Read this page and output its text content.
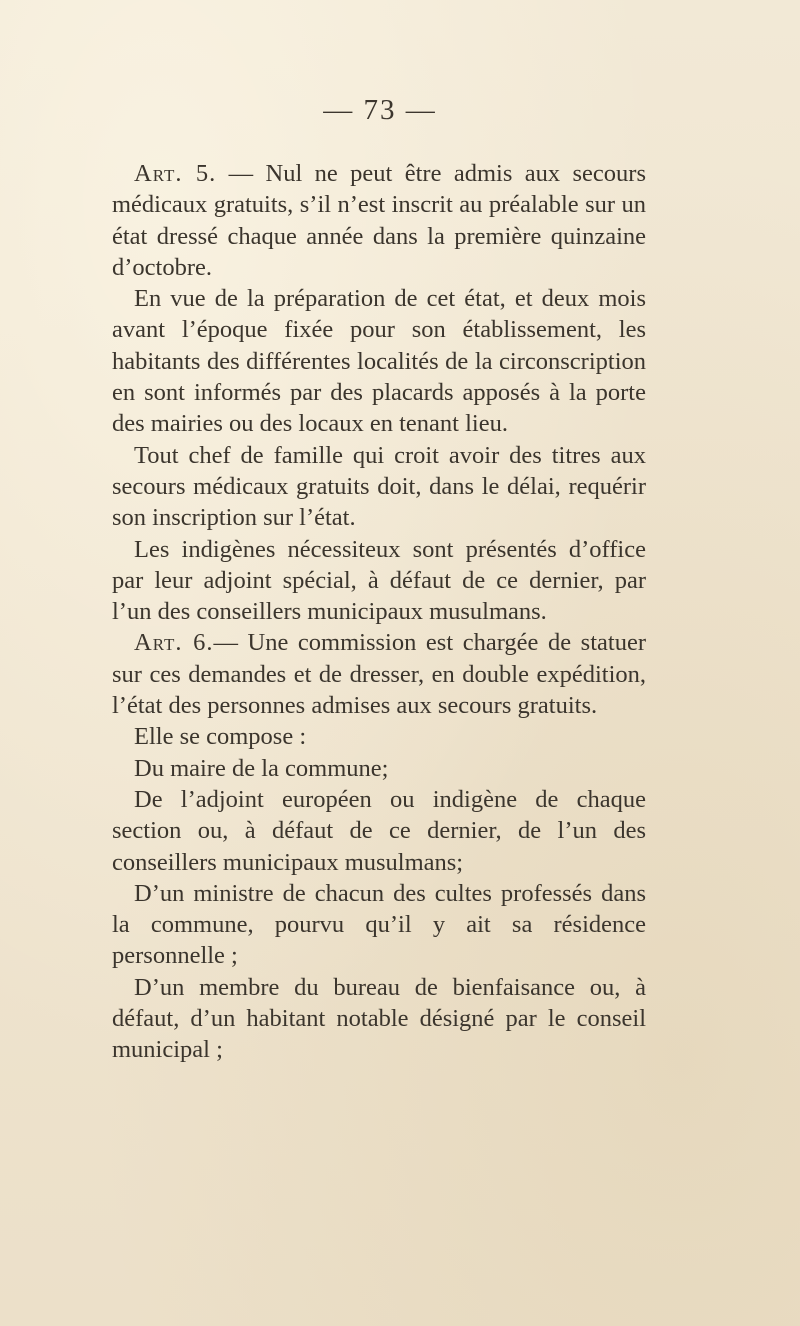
— 73 —

Art. 5. — Nul ne peut être admis aux secours médicaux gratuits, s’il n’est inscrit au préalable sur un état dressé chaque année dans la première quinzaine d’octobre.

En vue de la préparation de cet état, et deux mois avant l’époque fixée pour son établissement, les habitants des différentes localités de la circonscription en sont informés par des placards apposés à la porte des mairies ou des locaux en tenant lieu.

Tout chef de famille qui croit avoir des titres aux secours médicaux gratuits doit, dans le délai, requérir son inscription sur l’état.

Les indigènes nécessiteux sont présentés d’office par leur adjoint spécial, à défaut de ce dernier, par l’un des conseillers municipaux musulmans.

Art. 6.— Une commission est chargée de statuer sur ces demandes et de dresser, en double expédition, l’état des personnes admises aux secours gratuits.

Elle se compose :

Du maire de la commune;

De l’adjoint européen ou indigène de chaque section ou, à défaut de ce dernier, de l’un des conseillers municipaux musulmans;

D’un ministre de chacun des cultes professés dans la commune, pourvu qu’il y ait sa résidence personnelle ;

D’un membre du bureau de bienfaisance ou, à défaut, d’un habitant notable désigné par le conseil municipal ;
